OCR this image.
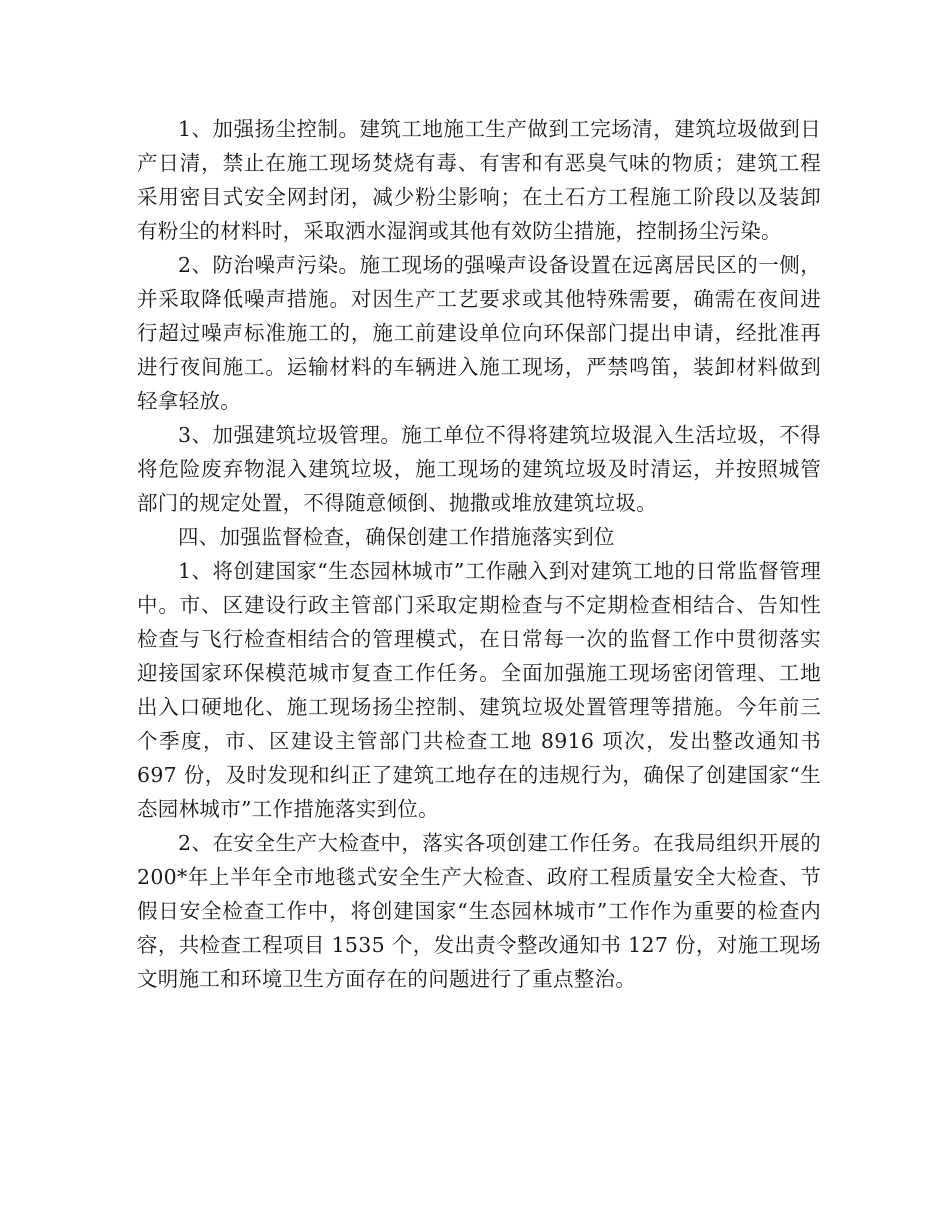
1、加强扬尘控制。建筑工地施工生产做到工完场清，建筑垃圾做到日产日清，禁止在施工现场焚烧有毒、有害和有恶臭气味的物质；建筑工程采用密目式安全网封闭，减少粉尘影响；在土石方工程施工阶段以及装卸有粉尘的材料时，采取洒水湿润或其他有效防尘措施，控制扬尘污染。

2、防治噪声污染。施工现场的强噪声设备设置在远离居民区的一侧，并采取降低噪声措施。对因生产工艺要求或其他特殊需要，确需在夜间进行超过噪声标准施工的，施工前建设单位向环保部门提出申请，经批准再进行夜间施工。运输材料的车辆进入施工现场，严禁鸣笛，装卸材料做到轻拿轻放。

3、加强建筑垃圾管理。施工单位不得将建筑垃圾混入生活垃圾，不得将危险废弃物混入建筑垃圾，施工现场的建筑垃圾及时清运，并按照城管部门的规定处置，不得随意倾倒、抛撒或堆放建筑垃圾。

四、加强监督检查，确保创建工作措施落实到位

1、将创建国家“生态园林城市”工作融入到对建筑工地的日常监督管理中。市、区建设行政主管部门采取定期检查与不定期检查相结合、告知性检查与飞行检查相结合的管理模式，在日常每一次的监督工作中贯彻落实迎接国家环保模范城市复查工作任务。全面加强施工现场密闭管理、工地出入口硬地化、施工现场扬尘控制、建筑垃圾处置管理等措施。今年前三个季度，市、区建设主管部门共检查工地 8916 项次，发出整改通知书 697 份，及时发现和纠正了建筑工地存在的违规行为，确保了创建国家“生态园林城市”工作措施落实到位。

2、在安全生产大检查中，落实各项创建工作任务。在我局组织开展的 200*年上半年全市地毯式安全生产大检查、政府工程质量安全大检查、节假日安全检查工作中，将创建国家“生态园林城市”工作作为重要的检查内容，共检查工程项目 1535 个，发出责令整改通知书 127 份，对施工现场文明施工和环境卫生方面存在的问题进行了重点整治。
